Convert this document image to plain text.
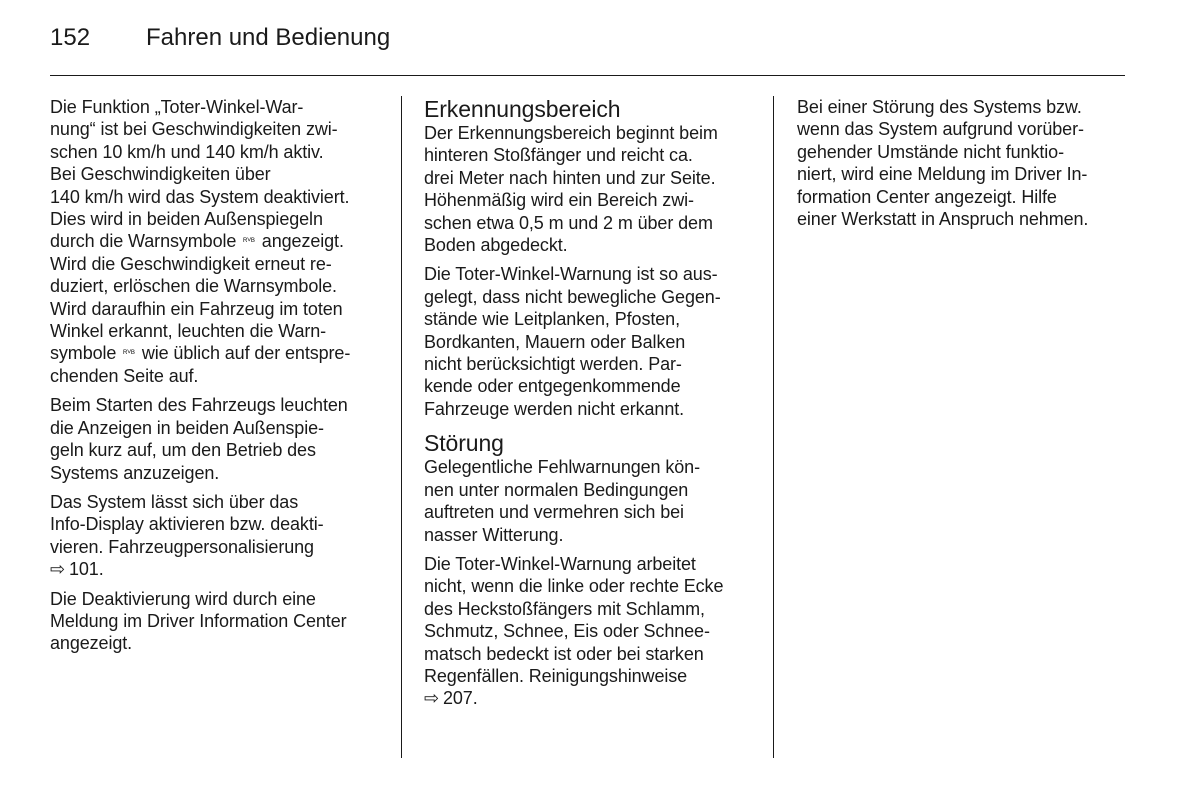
152	Fahren und Bedienung

Die Funktion „Toter-Winkel-War-
nung“ ist bei Geschwindigkeiten zwi-
schen 10 km/h und 140 km/h aktiv.
Bei Geschwindigkeiten über
140 km/h wird das System deaktiviert.
Dies wird in beiden Außenspiegeln
durch die Warnsymbole ᴿⱽᴮ angezeigt.
Wird die Geschwindigkeit erneut re-
duziert, erlöschen die Warnsymbole.
Wird daraufhin ein Fahrzeug im toten
Winkel erkannt, leuchten die Warn-
symbole ᴿⱽᴮ wie üblich auf der entspre-
chenden Seite auf.

Beim Starten des Fahrzeugs leuchten
die Anzeigen in beiden Außenspie-
geln kurz auf, um den Betrieb des
Systems anzuzeigen.

Das System lässt sich über das
Info-Display aktivieren bzw. deakti-
vieren. Fahrzeugpersonalisierung
⇨ 101.

Die Deaktivierung wird durch eine
Meldung im Driver Information Center
angezeigt.

Erkennungsbereich

Der Erkennungsbereich beginnt beim
hinteren Stoßfänger und reicht ca.
drei Meter nach hinten und zur Seite.
Höhenmäßig wird ein Bereich zwi-
schen etwa 0,5 m und 2 m über dem
Boden abgedeckt.

Die Toter-Winkel-Warnung ist so aus-
gelegt, dass nicht bewegliche Gegen-
stände wie Leitplanken, Pfosten,
Bordkanten, Mauern oder Balken
nicht berücksichtigt werden. Par-
kende oder entgegenkommende
Fahrzeuge werden nicht erkannt.

Störung

Gelegentliche Fehlwarnungen kön-
nen unter normalen Bedingungen
auftreten und vermehren sich bei
nasser Witterung.

Die Toter-Winkel-Warnung arbeitet
nicht, wenn die linke oder rechte Ecke
des Heckstoßfängers mit Schlamm,
Schmutz, Schnee, Eis oder Schnee-
matsch bedeckt ist oder bei starken
Regenfällen. Reinigungshinweise
⇨ 207.

Bei einer Störung des Systems bzw.
wenn das System aufgrund vorüber-
gehender Umstände nicht funktio-
niert, wird eine Meldung im Driver In-
formation Center angezeigt. Hilfe
einer Werkstatt in Anspruch nehmen.
